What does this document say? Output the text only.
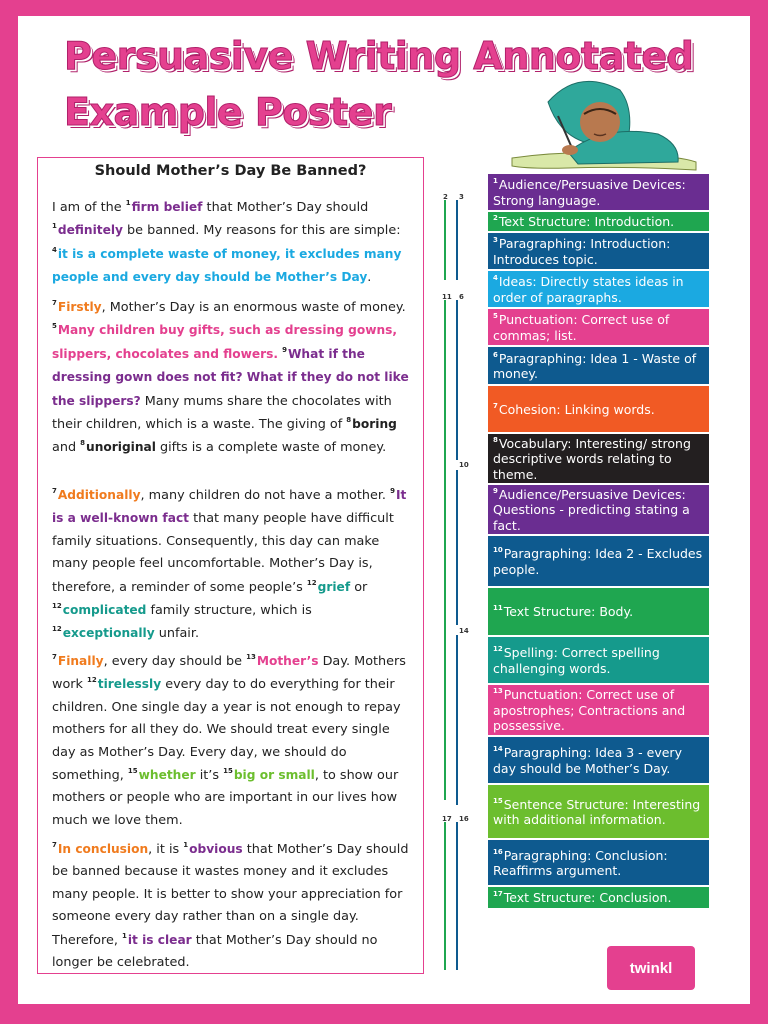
Persuasive Writing Annotated
Example Poster
Should Mother’s Day Be Banned?
I am of the $^1$firm belief that Mother’s Day should $^1$definitely be banned. My reasons for this are simple: $^4$it is a complete waste of money, it excludes many people and every day should be Mother’s Day.
$^7$Firstly, Mother’s Day is an enormous waste of money. $^5$Many children buy gifts, such as dressing gowns, slippers, chocolates and flowers. $^9$What if the dressing gown does not fit? What if they do not like the slippers? Many mums share the chocolates with their children, which is a waste. The giving of $^8$boring and $^8$unoriginal gifts is a complete waste of money.
$^7$Additionally, many children do not have a mother. $^9$It is a well-known fact that many people have difficult family situations. Consequently, this day can make many people feel uncomfortable. Mother’s Day is, therefore, a reminder of some people’s $^{12}$grief or $^{12}$complicated family structure, which is $^{12}$exceptionally unfair.
$^7$Finally, every day should be $^{13}$Mother’s Day. Mothers work $^{12}$tirelessly every day to do everything for their children. One single day a year is not enough to repay mothers for all they do. We should treat every single day as Mother’s Day. Every day, we should do something, $^{15}$whether it’s $^{15}$big or small, to show our mothers or people who are important in our lives how much we love them.
$^7$In conclusion, it is $^1$obvious that Mother’s Day should be banned because it wastes money and it excludes many people. It is better to show your appreciation for someone every day rather than on a single day. Therefore, $^1$it is clear that Mother’s Day should no longer be celebrated.
2 3
11 6
10
14
17 16
$^1$Audience/Persuasive Devices: Strong language.
$^2$Text Structure: Introduction.
$^3$Paragraphing: Introduction: Introduces topic.
$^4$Ideas: Directly states ideas in order of paragraphs.
$^5$Punctuation: Correct use of commas; list.
$^6$Paragraphing: Idea 1 - Waste of money.
$^7$Cohesion: Linking words.
$^8$Vocabulary: Interesting/ strong descriptive words relating to theme.
$^9$Audience/Persuasive Devices: Questions - predicting stating a fact.
$^{10}$Paragraphing: Idea 2 - Excludes people.
$^{11}$Text Structure: Body.
$^{12}$Spelling: Correct spelling challenging words.
$^{13}$Punctuation: Correct use of apostrophes; Contractions and possessive.
$^{14}$Paragraphing: Idea 3 - every day should be Mother’s Day.
$^{15}$Sentence Structure: Interesting with additional information.
$^{16}$Paragraphing: Conclusion: Reaffirms argument.
$^{17}$Text Structure: Conclusion.
twinkl
